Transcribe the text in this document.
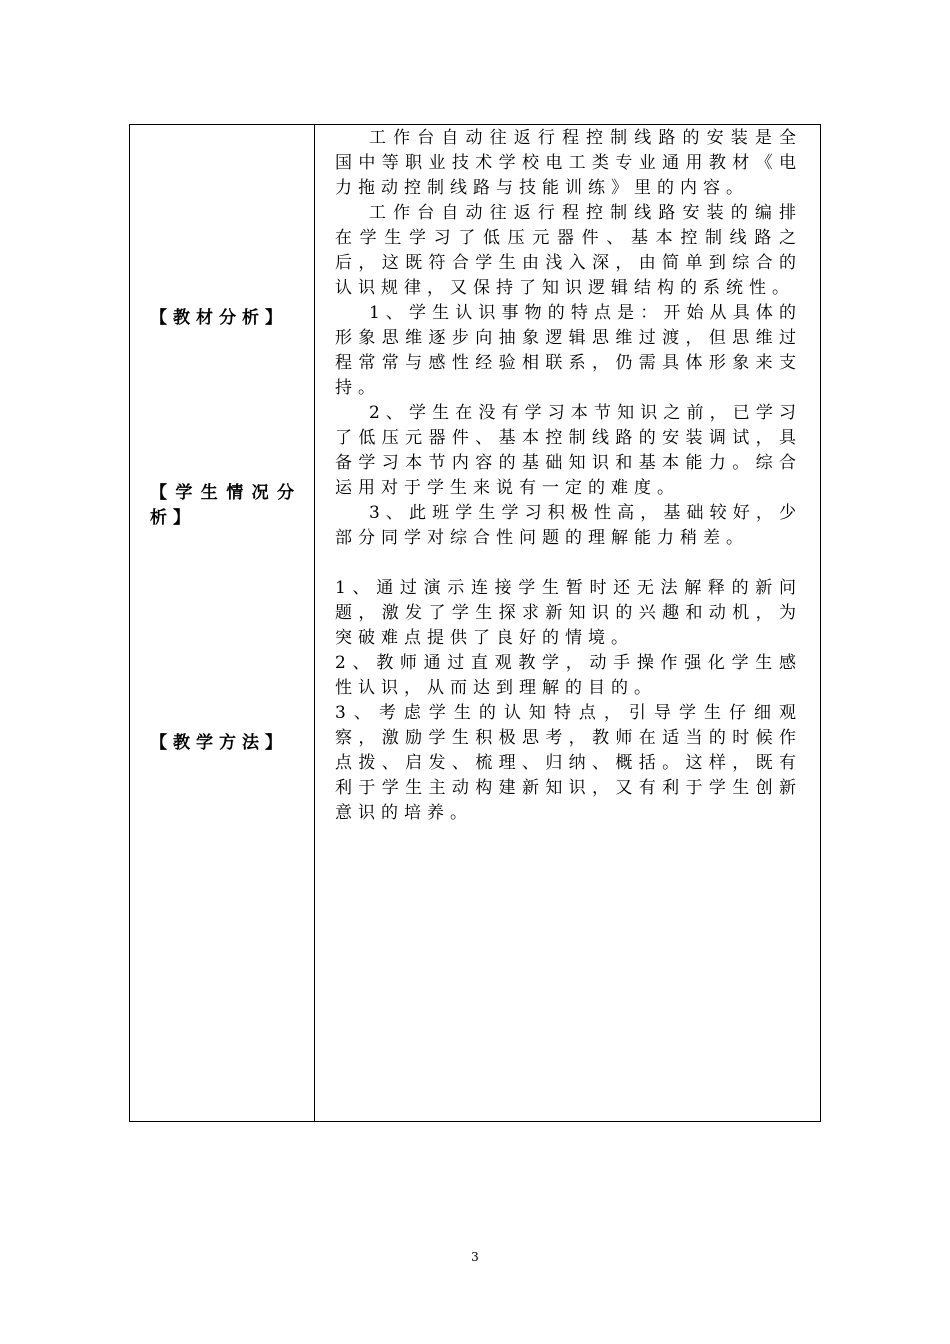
【教材分析】
【学生情况分析】
【教学方法】

工作台自动往返行程控制线路的安装是全国中等职业技术学校电工类专业通用教材《电力拖动控制线路与技能训练》里的内容。

工作台自动往返行程控制线路安装的编排在学生学习了低压元器件、基本控制线路之后，这既符合学生由浅入深，由简单到综合的认识规律，又保持了知识逻辑结构的系统性。

1、学生认识事物的特点是：开始从具体的形象思维逐步向抽象逻辑思维过渡，但思维过程常常与感性经验相联系，仍需具体形象来支持。

2、学生在没有学习本节知识之前，已学习了低压元器件、基本控制线路的安装调试，具备学习本节内容的基础知识和基本能力。综合运用对于学生来说有一定的难度。

3、此班学生学习积极性高，基础较好，少部分同学对综合性问题的理解能力稍差。

1、通过演示连接学生暂时还无法解释的新问题，激发了学生探求新知识的兴趣和动机，为突破难点提供了良好的情境。

2、教师通过直观教学，动手操作强化学生感性认识，从而达到理解的目的。

3、考虑学生的认知特点，引导学生仔细观察，激励学生积极思考，教师在适当的时候作点拨、启发、梳理、归纳、概括。这样，既有利于学生主动构建新知识，又有利于学生创新意识的培养。

3
